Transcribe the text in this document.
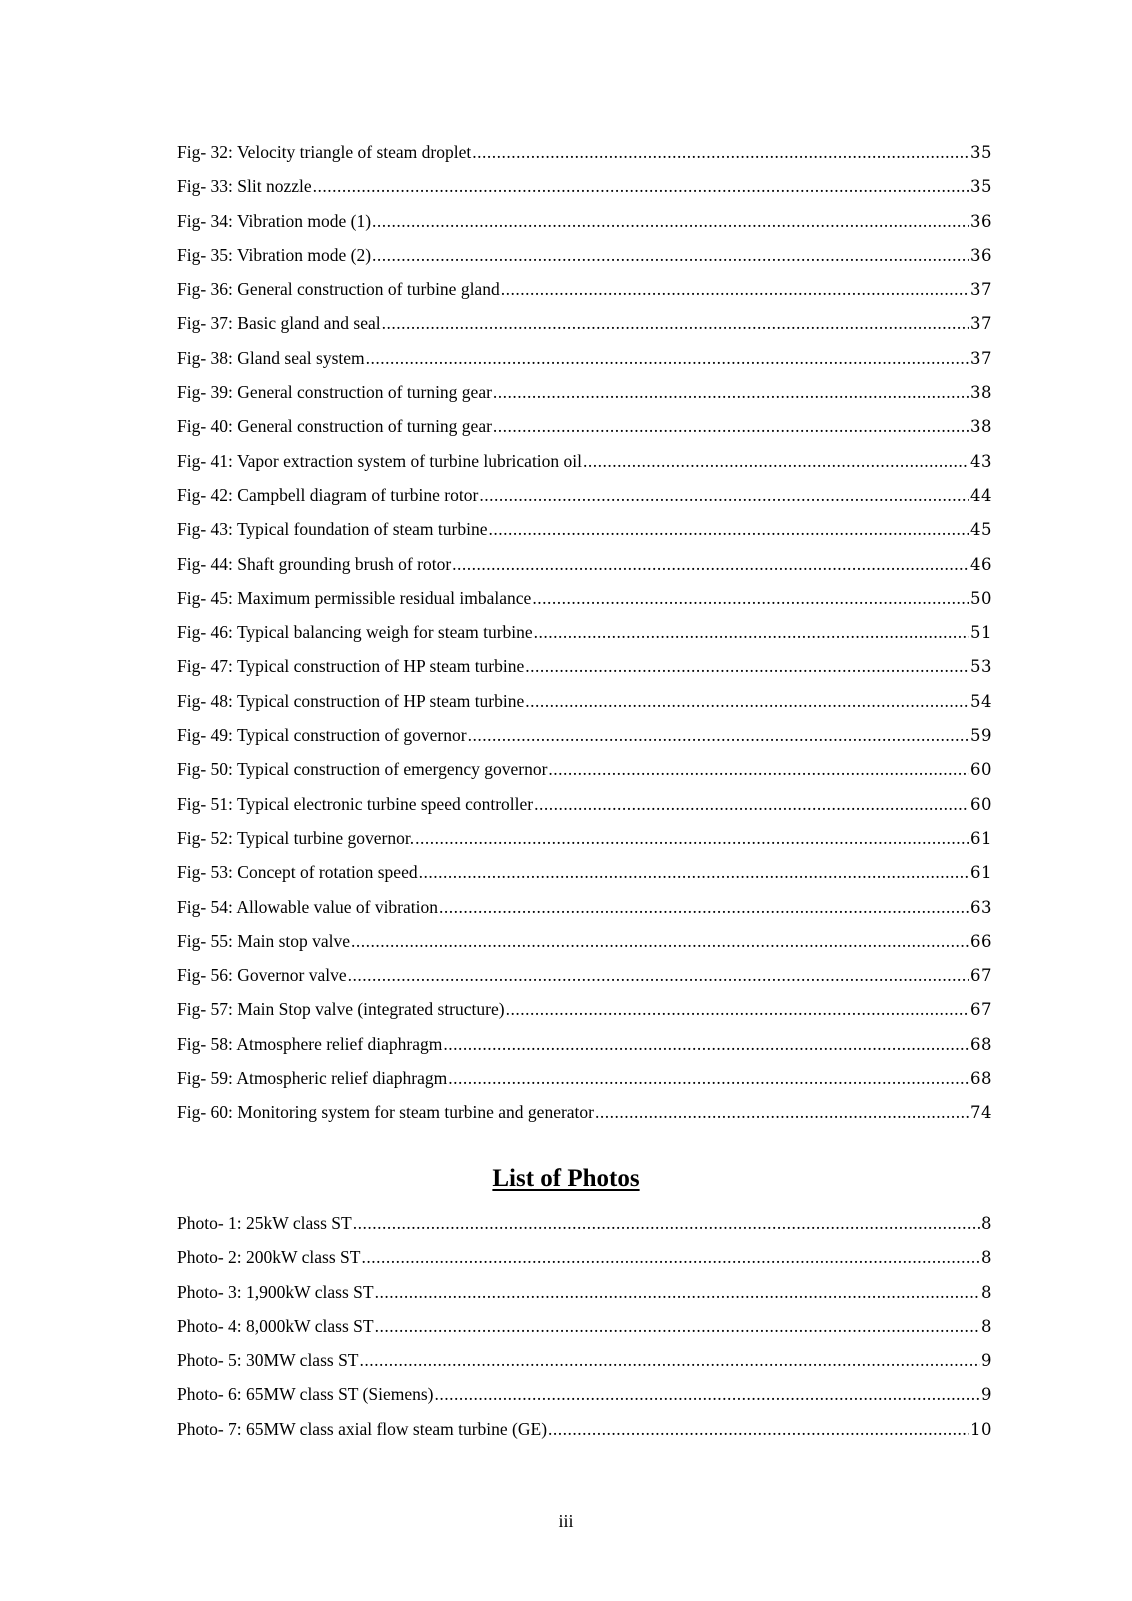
Fig- 32: Velocity triangle of steam droplet .....	35
Fig- 33: Slit nozzle .....	35
Fig- 34: Vibration mode (1) .....	36
Fig- 35: Vibration mode (2) .....	36
Fig- 36: General construction of turbine gland .....	37
Fig- 37: Basic gland and seal .....	37
Fig- 38: Gland seal system .....	37
Fig- 39: General construction of turning gear .....	38
Fig- 40: General construction of turning gear .....	38
Fig- 41: Vapor extraction system of turbine lubrication oil .....	43
Fig- 42: Campbell diagram of turbine rotor .....	44
Fig- 43: Typical foundation of steam turbine .....	45
Fig- 44: Shaft grounding brush of rotor .....	46
Fig- 45: Maximum permissible residual imbalance .....	50
Fig- 46: Typical balancing weigh for steam turbine .....	51
Fig- 47: Typical construction of HP steam turbine .....	53
Fig- 48: Typical construction of HP steam turbine .....	54
Fig- 49: Typical construction of governor .....	59
Fig- 50: Typical construction of emergency governor .....	60
Fig- 51: Typical electronic turbine speed controller .....	60
Fig- 52: Typical turbine governor. .....	61
Fig- 53: Concept of rotation speed .....	61
Fig- 54: Allowable value of vibration .....	63
Fig- 55: Main stop valve .....	66
Fig- 56: Governor valve .....	67
Fig- 57: Main Stop valve (integrated structure) .....	67
Fig- 58: Atmosphere relief diaphragm .....	68
Fig- 59: Atmospheric relief diaphragm .....	68
Fig- 60: Monitoring system for steam turbine and generator .....	74
List of Photos
Photo- 1: 25kW class ST .....	8
Photo- 2: 200kW class ST .....	8
Photo- 3: 1,900kW class ST .....	8
Photo- 4: 8,000kW class ST .....	8
Photo- 5: 30MW class ST .....	9
Photo- 6: 65MW class ST (Siemens) .....	9
Photo- 7: 65MW class axial flow steam turbine (GE) .....	10
iii
